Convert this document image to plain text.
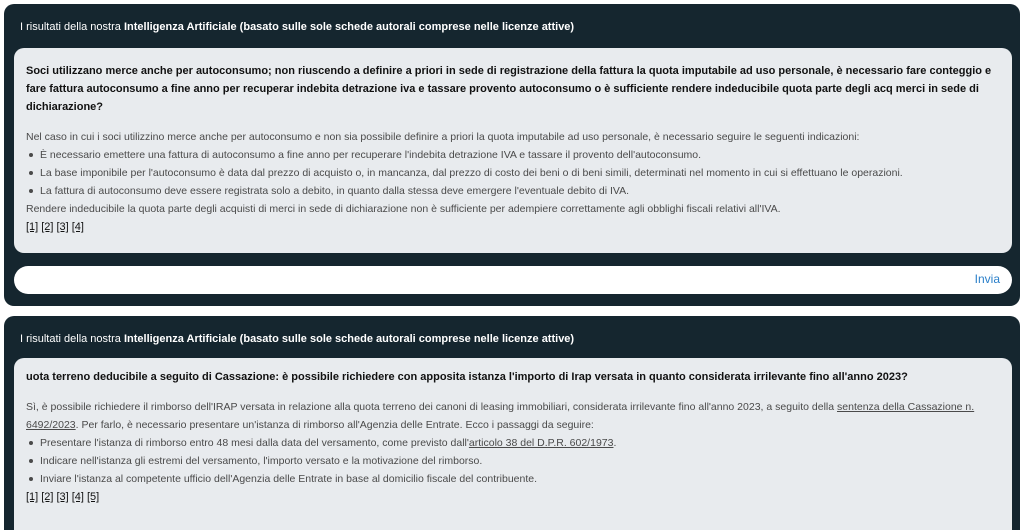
I risultati della nostra Intelligenza Artificiale (basato sulle sole schede autorali comprese nelle licenze attive)

Soci utilizzano merce anche per autoconsumo; non riuscendo a definire a priori in sede di registrazione della fattura la quota imputabile ad uso personale, è necessario fare conteggio e fare fattura autoconsumo a fine anno per recuperar indebita detrazione iva e tassare provento autoconsumo o è sufficiente rendere indeducibile quota parte degli acq merci in sede di dichiarazione?

Nel caso in cui i soci utilizzino merce anche per autoconsumo e non sia possibile definire a priori la quota imputabile ad uso personale, è necessario seguire le seguenti indicazioni:

È necessario emettere una fattura di autoconsumo a fine anno per recuperare l'indebita detrazione IVA e tassare il provento dell'autoconsumo.
La base imponibile per l'autoconsumo è data dal prezzo di acquisto o, in mancanza, dal prezzo di costo dei beni o di beni simili, determinati nel momento in cui si effettuano le operazioni.
La fattura di autoconsumo deve essere registrata solo a debito, in quanto dalla stessa deve emergere l'eventuale debito di IVA.

Rendere indeducibile la quota parte degli acquisti di merci in sede di dichiarazione non è sufficiente per adempiere correttamente agli obblighi fiscali relativi all'IVA.

[1] [2] [3] [4]
Invia
I risultati della nostra Intelligenza Artificiale (basato sulle sole schede autorali comprese nelle licenze attive)

uota terreno deducibile a seguito di Cassazione: è possibile richiedere con apposita istanza l'importo di Irap versata in quanto considerata irrilevante fino all'anno 2023?

Sì, è possibile richiedere il rimborso dell'IRAP versata in relazione alla quota terreno dei canoni di leasing immobiliari, considerata irrilevante fino all'anno 2023, a seguito della sentenza della Cassazione n. 6492/2023. Per farlo, è necessario presentare un'istanza di rimborso all'Agenzia delle Entrate. Ecco i passaggi da seguire:

Presentare l'istanza di rimborso entro 48 mesi dalla data del versamento, come previsto dall'articolo 38 del D.P.R. 602/1973.
Indicare nell'istanza gli estremi del versamento, l'importo versato e la motivazione del rimborso.
Inviare l'istanza al competente ufficio dell'Agenzia delle Entrate in base al domicilio fiscale del contribuente.
[1] [2] [3] [4] [5]
